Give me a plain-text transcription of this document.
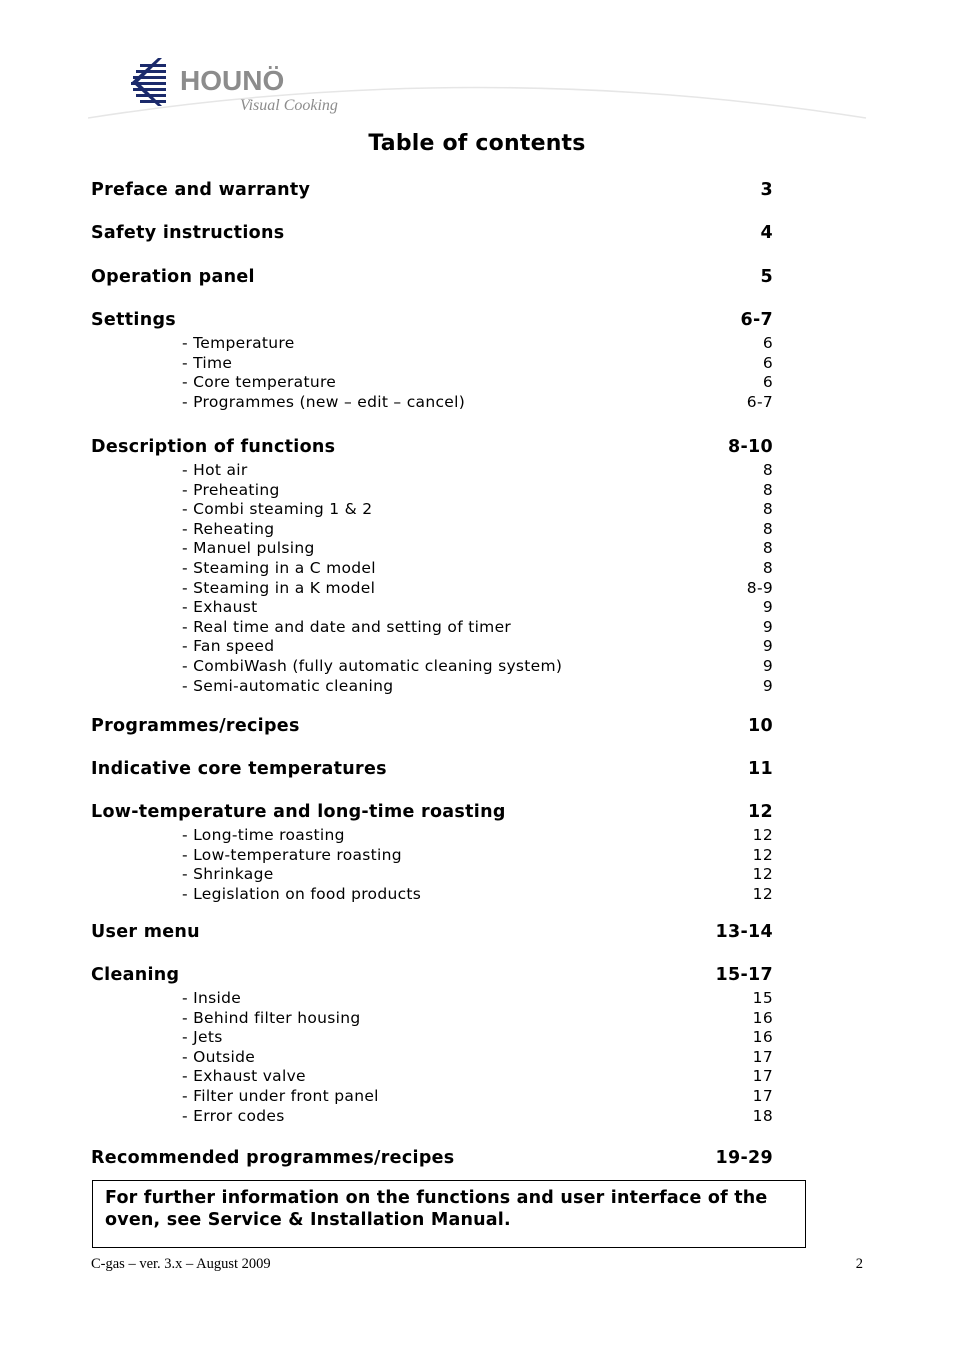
HOUNÖ
Visual Cooking
Table of contents
Preface and warranty	3
Safety instructions	4
Operation panel	5
Settings	6-7
- Temperature	6
- Time	6
- Core temperature	6
- Programmes (new – edit – cancel)	6-7
Description of functions	8-10
- Hot air	8
- Preheating	8
- Combi steaming 1 & 2	8
- Reheating	8
- Manuel pulsing	8
- Steaming in a C model	8
- Steaming in a K model	8-9
- Exhaust	9
- Real time and date and setting of timer	9
- Fan speed	9
- CombiWash (fully automatic cleaning system)	9
- Semi-automatic cleaning	9
Programmes/recipes	10
Indicative core temperatures	11
Low-temperature and long-time roasting	12
- Long-time roasting	12
- Low-temperature roasting	12
- Shrinkage	12
- Legislation on food products	12
User menu	13-14
Cleaning	15-17
- Inside	15
- Behind filter housing	16
- Jets	16
- Outside	17
- Exhaust valve	17
- Filter under front panel	17
- Error codes	18
Recommended programmes/recipes	19-29
For further information on the functions and user interface of the oven, see Service & Installation Manual.
C-gas – ver. 3.x – August 2009	2
